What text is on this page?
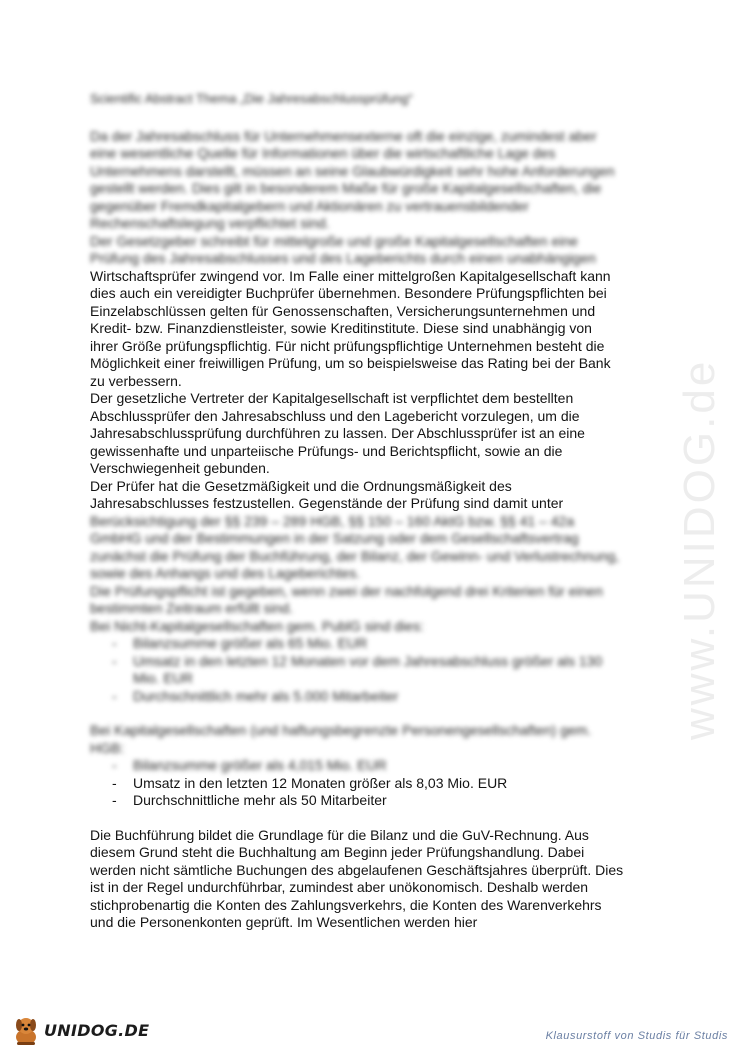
Scientific Abstract Thema „Die Jahresabschlussprüfung“

Da der Jahresabschluss für Unternehmensexterne oft die einzige, zumindest aber
eine wesentliche Quelle für Informationen über die wirtschaftliche Lage des
Unternehmens darstellt, müssen an seine Glaubwürdigkeit sehr hohe Anforderungen
gestellt werden. Dies gilt in besonderem Maße für große Kapitalgesellschaften, die
gegenüber Fremdkapitalgebern und Aktionären zu vertrauensbildender
Rechenschaftslegung verpflichtet sind.

Der Gesetzgeber schreibt für mittelgroße und große Kapitalgesellschaften eine
Prüfung des Jahresabschlusses und des Lageberichts durch einen unabhängigen
Wirtschaftsprüfer zwingend vor. Im Falle einer mittelgroßen Kapitalgesellschaft kann
dies auch ein vereidigter Buchprüfer übernehmen. Besondere Prüfungspflichten bei
Einzelabschlüssen gelten für Genossenschaften, Versicherungsunternehmen und
Kredit- bzw. Finanzdienstleister, sowie Kreditinstitute. Diese sind unabhängig von
ihrer Größe prüfungspflichtig. Für nicht prüfungspflichtige Unternehmen besteht die
Möglichkeit einer freiwilligen Prüfung, um so beispielsweise das Rating bei der Bank
zu verbessern.

Der gesetzliche Vertreter der Kapitalgesellschaft ist verpflichtet dem bestellten
Abschlussprüfer den Jahresabschluss und den Lagebericht vorzulegen, um die
Jahresabschlussprüfung durchführen zu lassen. Der Abschlussprüfer ist an eine
gewissenhafte und unparteiische Prüfungs- und Berichtspflicht, sowie an die
Verschwiegenheit gebunden.

Der Prüfer hat die Gesetzmäßigkeit und die Ordnungsmäßigkeit des
Jahresabschlusses festzustellen. Gegenstände der Prüfung sind damit unter
Berücksichtigung der §§ 239 – 289 HGB, §§ 150 – 160 AktG bzw. §§ 41 – 42a
GmbHG und der Bestimmungen in der Satzung oder dem Gesellschaftsvertrag
zunächst die Prüfung der Buchführung, der Bilanz, der Gewinn- und Verlustrechnung,
sowie des Anhangs und des Lageberichtes.
Die Prüfungspflicht ist gegeben, wenn zwei der nachfolgend drei Kriterien für einen
bestimmten Zeitraum erfüllt sind.
Bei Nicht-Kapitalgesellschaften gem. PublG sind dies:

- Bilanzsumme größer als 65 Mio. EUR
- Umsatz in den letzten 12 Monaten vor dem Jahresabschluss größer als 130
Mio. EUR
- Durchschnittlich mehr als 5.000 Mitarbeiter

Bei Kapitalgesellschaften (und haftungsbegrenzte Personengesellschaften) gem.
HGB:

- Bilanzsumme größer als 4,015 Mio. EUR
- Umsatz in den letzten 12 Monaten größer als 8,03 Mio. EUR
- Durchschnittliche mehr als 50 Mitarbeiter

Die Buchführung bildet die Grundlage für die Bilanz und die GuV-Rechnung. Aus
diesem Grund steht die Buchhaltung am Beginn jeder Prüfungshandlung. Dabei
werden nicht sämtliche Buchungen des abgelaufenen Geschäftsjahres überprüft. Dies
ist in der Regel undurchführbar, zumindest aber unökonomisch. Deshalb werden
stichprobenartig die Konten des Zahlungsverkehrs, die Konten des Warenverkehrs
und die Personenkonten geprüft. Im Wesentlichen werden hier

www.UNIDOG.de
UNIDOG.DE	Klausurstoff von Studis für Studis
